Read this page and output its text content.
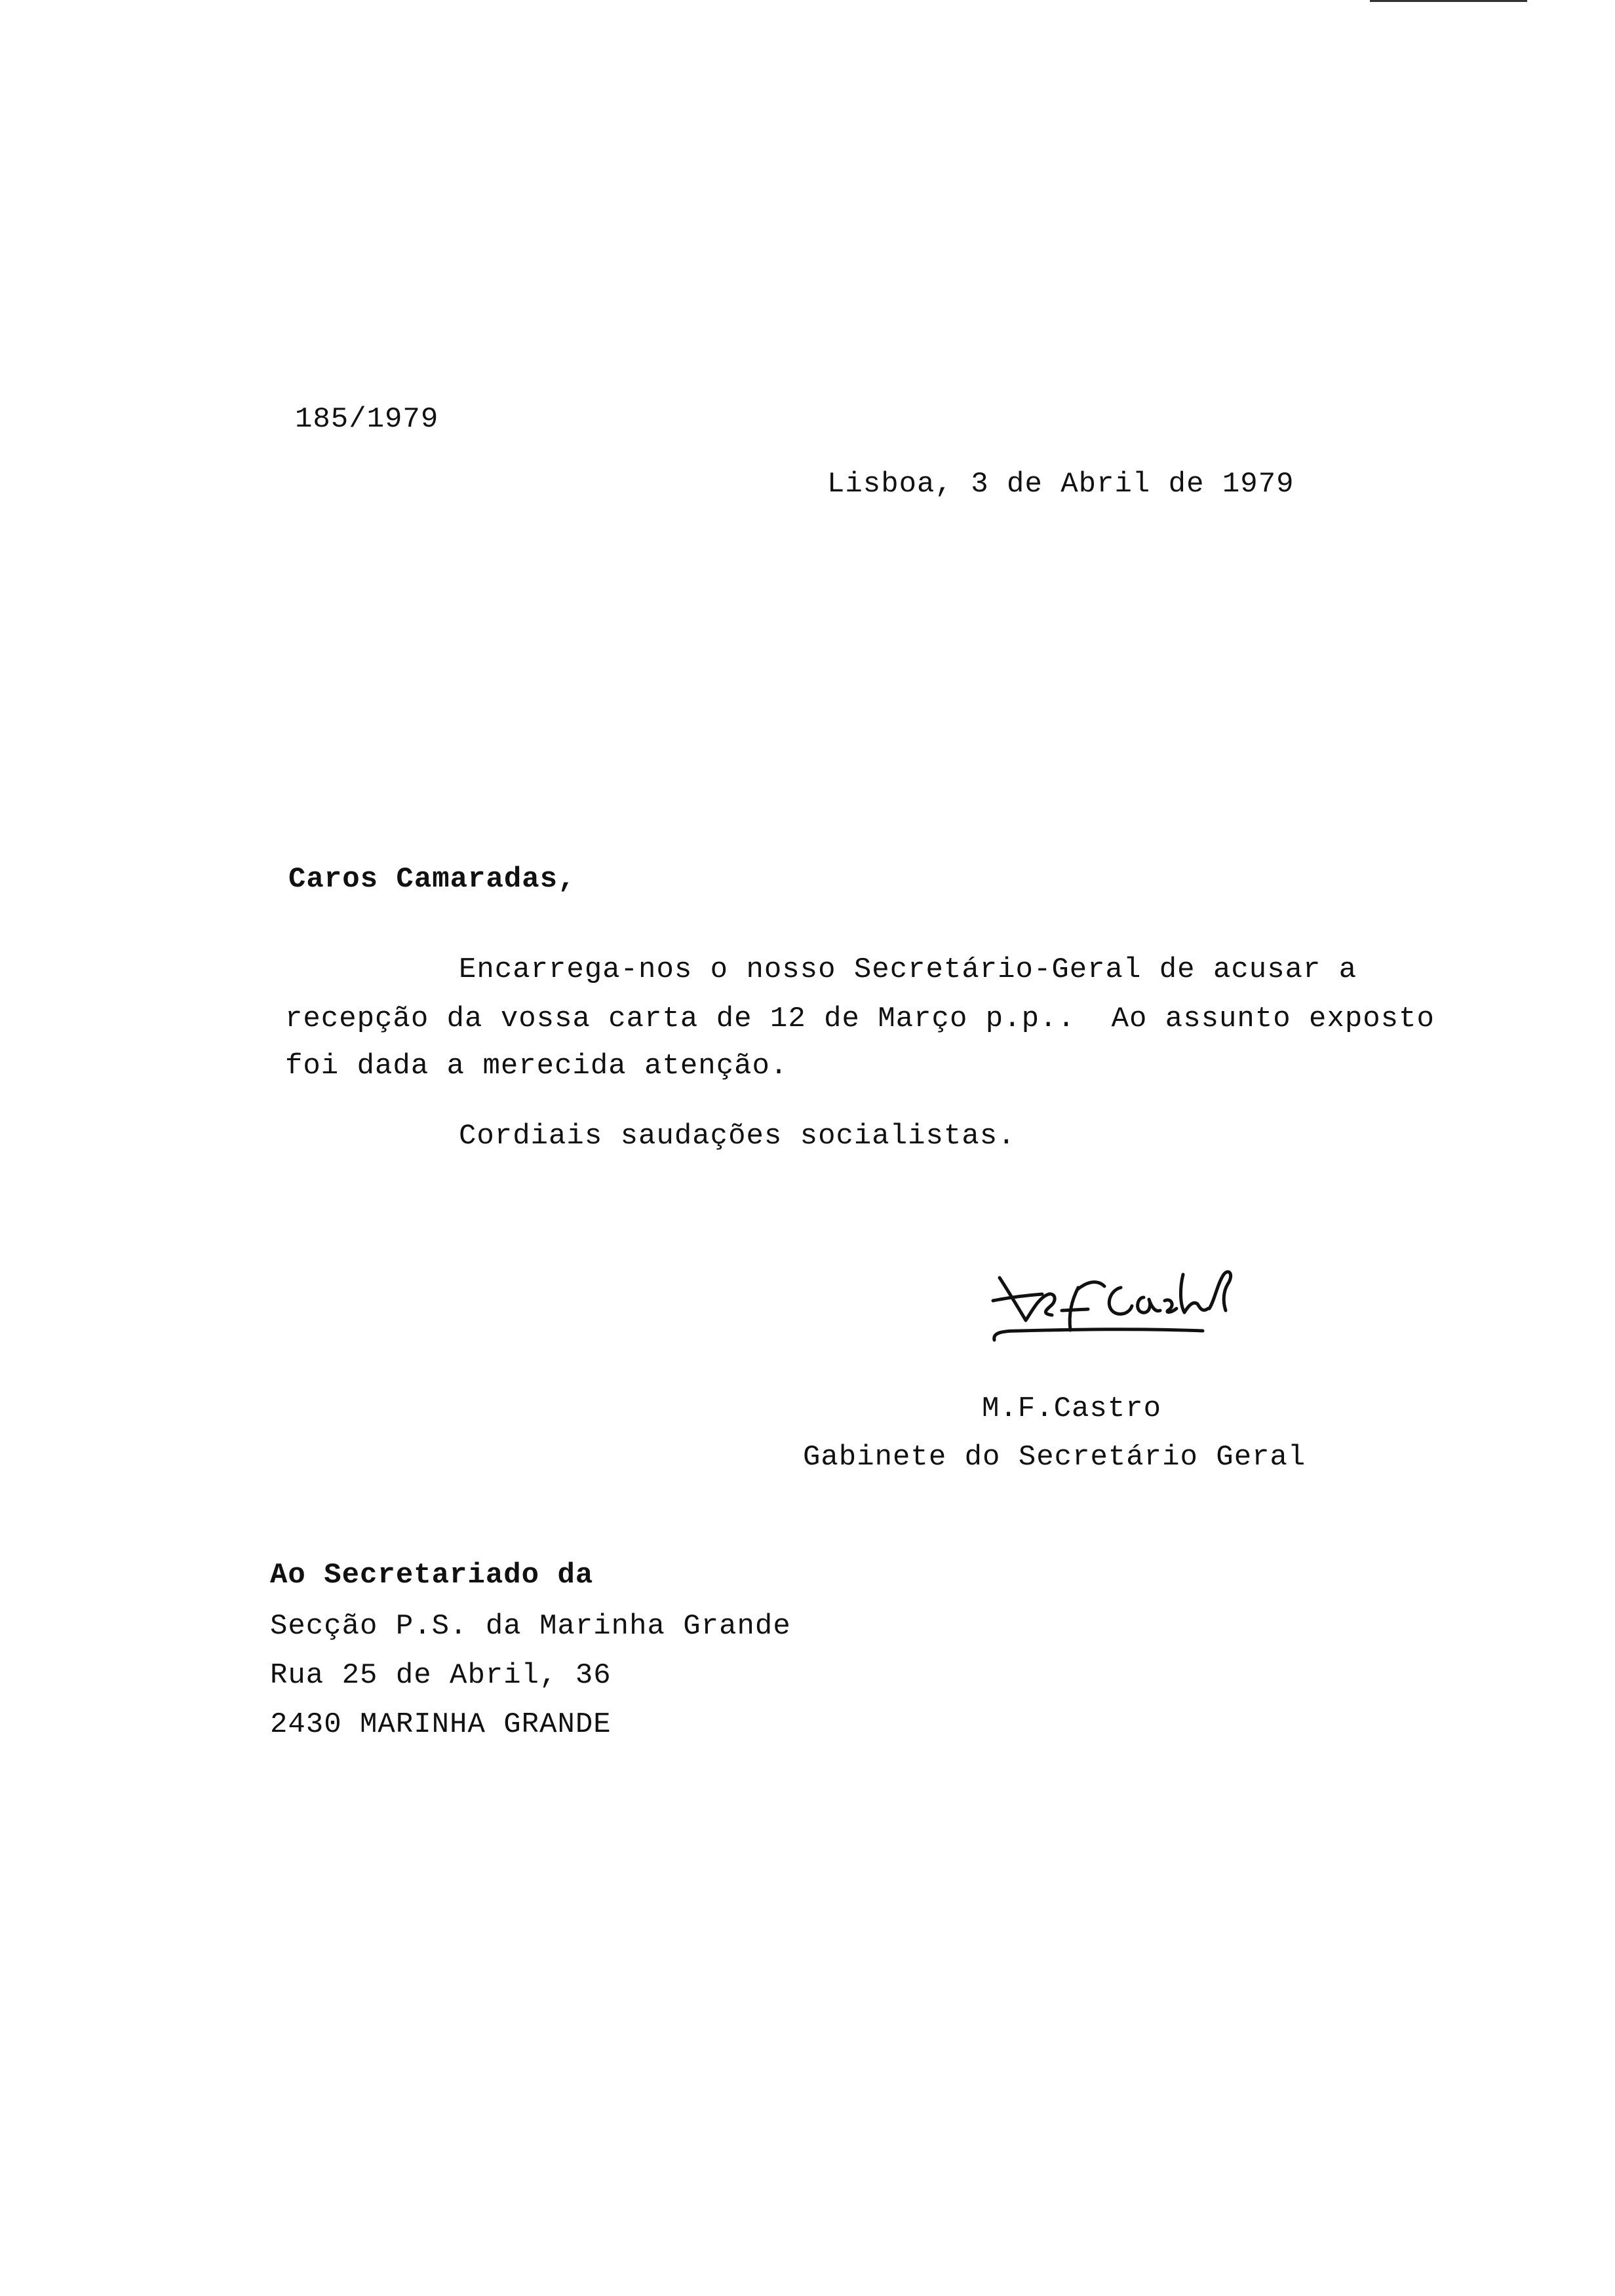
185/1979
Lisboa, 3 de Abril de 1979
Caros Camaradas,
Encarrega-nos o nosso Secretário-Geral de acusar a
recepção da vossa carta de 12 de Março p.p..  Ao assunto exposto
foi dada a merecida atenção.
Cordiais saudações socialistas.
M.F.Castro
Gabinete do Secretário Geral
Ao Secretariado da
Secção P.S. da Marinha Grande
Rua 25 de Abril, 36
2430 MARINHA GRANDE
